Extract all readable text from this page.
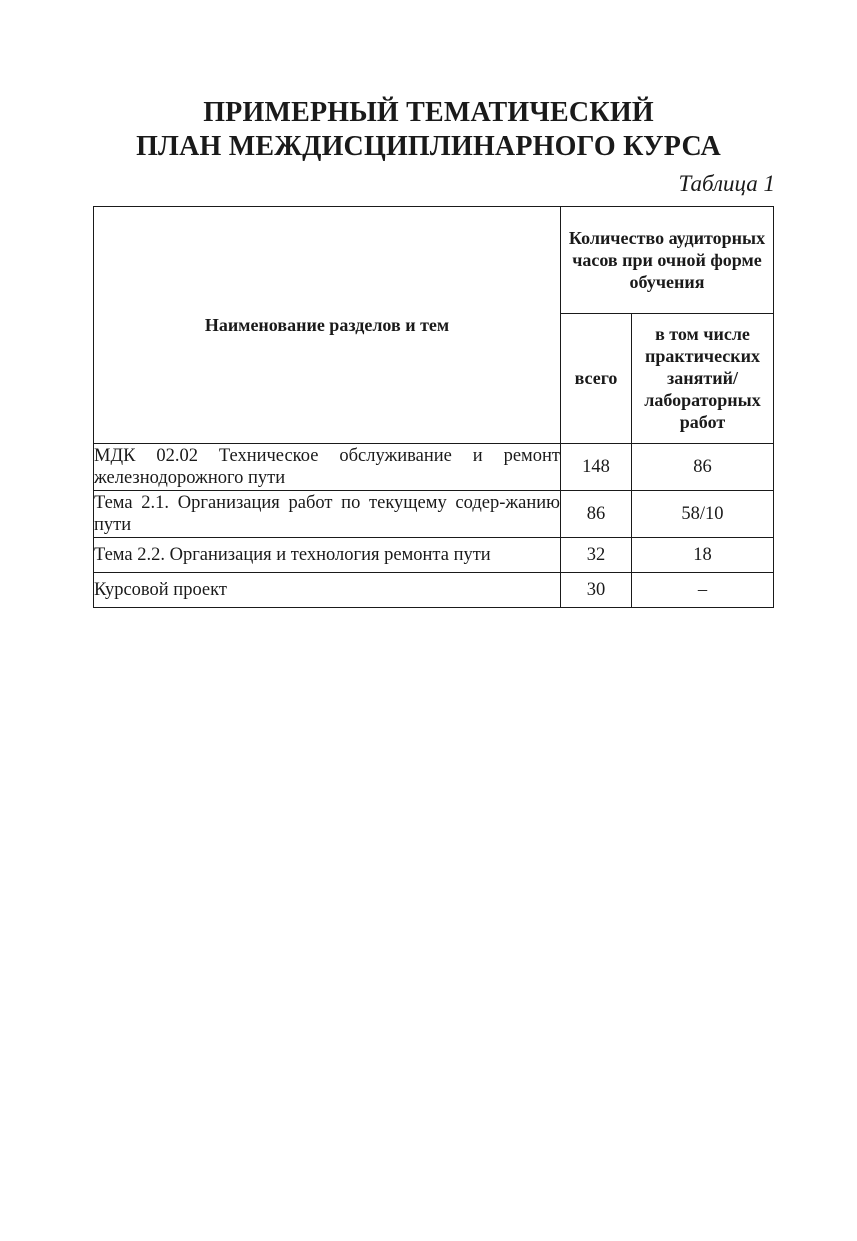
ПРИМЕРНЫЙ ТЕМАТИЧЕСКИЙ
ПЛАН МЕЖДИСЦИПЛИНАРНОГО КУРСА
Таблица 1
Наименование разделов и тем	Количество аудиторных часов при очной форме обучения	
	всего	в том числе практических занятий/ лабораторных работ
МДК 02.02 Техническое обслуживание и ремонт железнодорожного пути	148	86
Тема 2.1. Организация работ по текущему содер-жанию пути	86	58/10
Тема 2.2. Организация и технология ремонта пути	32	18
Курсовой проект	30	–
